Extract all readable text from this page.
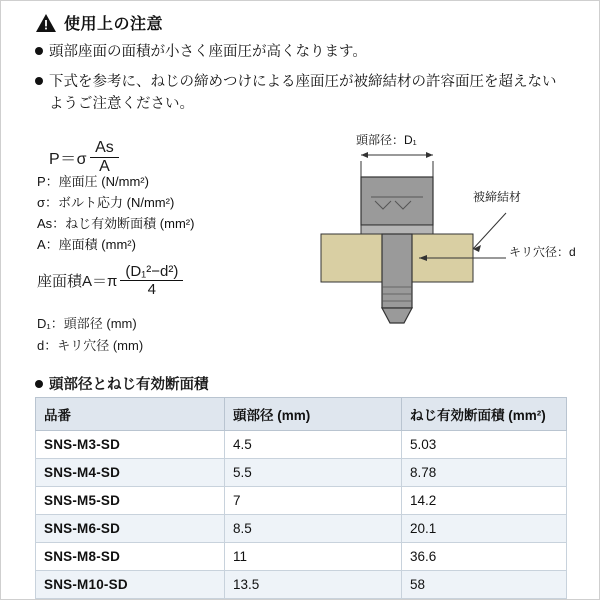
使用上の注意
頭部座面の面積が小さく座面圧が高くなります。
下式を参考に、ねじの締めつけによる座面圧が被締結材の許容面圧を超えないようご注意ください。
$P=\sigma \frac{As}{A}$
P：座面圧 (N/mm²)
σ：ボルト応力 (N/mm²)
As：ねじ有効断面積 (mm²)
A：座面積 (mm²)
座面積$A=\pi \frac{\text{(D₁²−d²)}}{4}$
D₁：頭部径 (mm)
d：キリ穴径 (mm)
頭部径：D₁
被締結材
キリ穴径：d
頭部径とねじ有効断面積
品番	頭部径 (mm)	ねじ有効断面積 (mm²)
SNS-M3-SD	4.5	5.03
SNS-M4-SD	5.5	8.78
SNS-M5-SD	7	14.2
SNS-M6-SD	8.5	20.1
SNS-M8-SD	11	36.6
SNS-M10-SD	13.5	58
